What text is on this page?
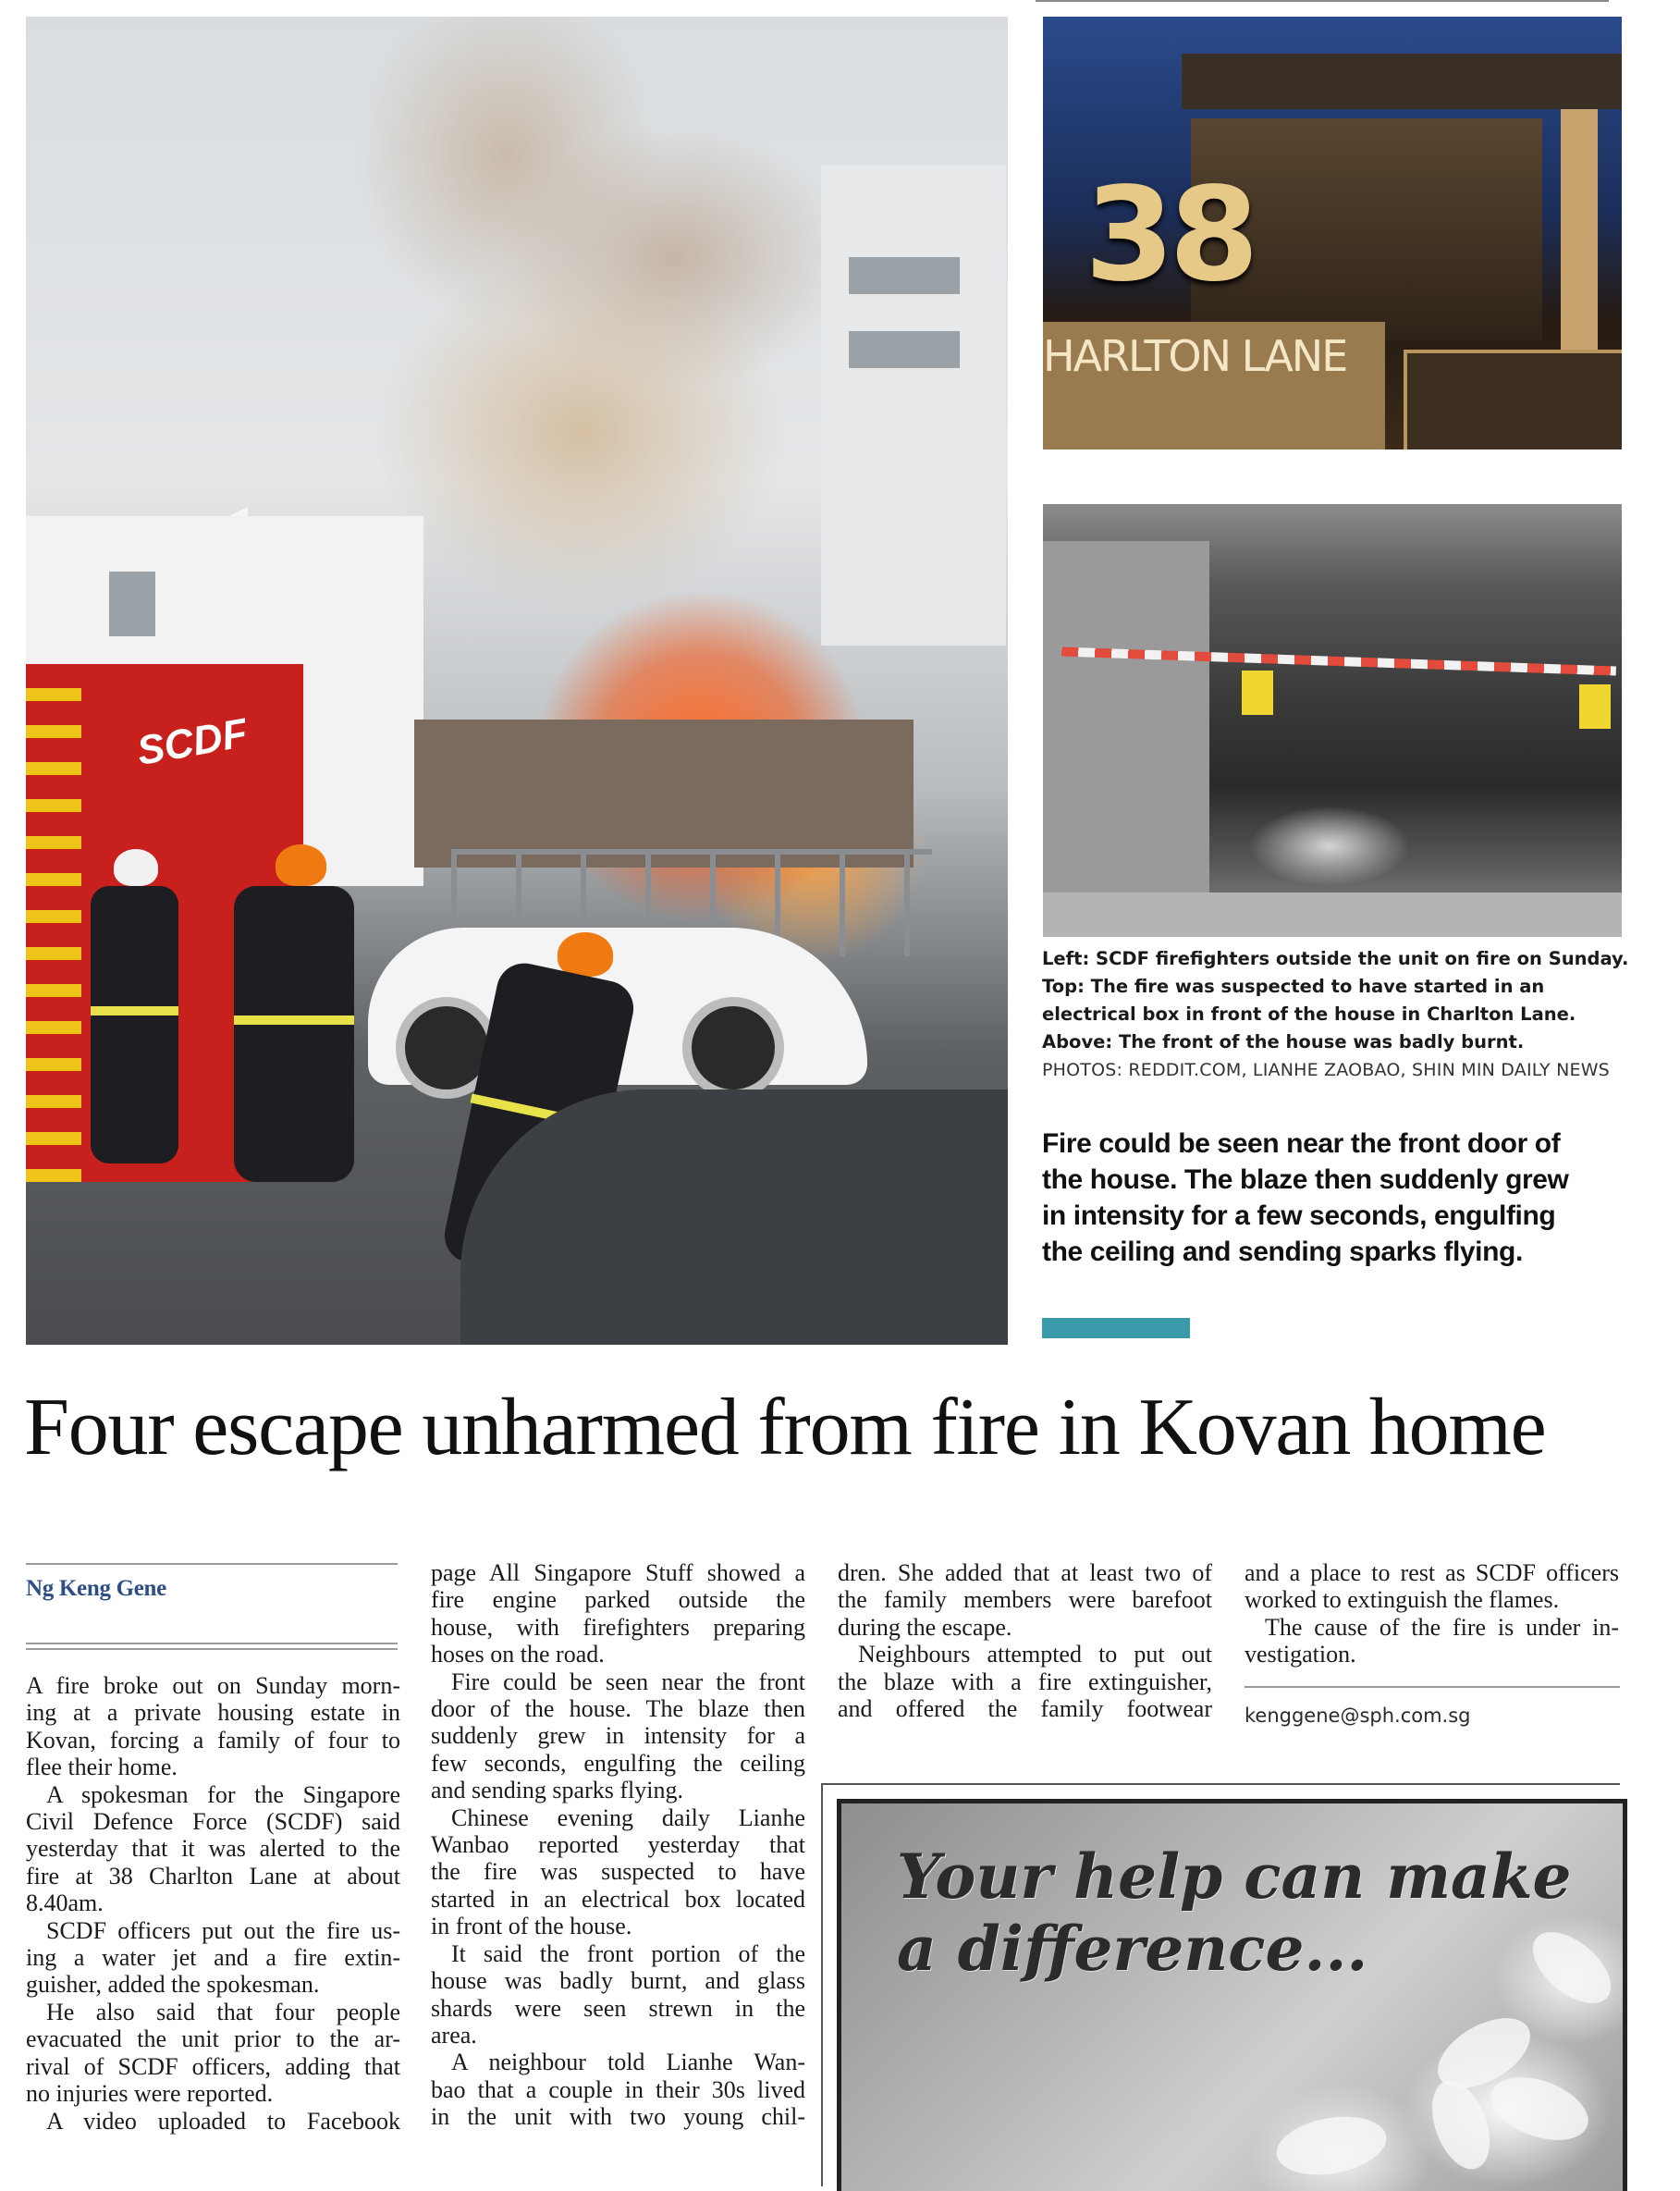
SCDF
38
HARLTON LANE
Left: SCDF firefighters outside the unit on fire on Sunday.
Top: The fire was suspected to have started in an
electrical box in front of the house in Charlton Lane.
Above: The front of the house was badly burnt.
PHOTOS: REDDIT.COM, LIANHE ZAOBAO, SHIN MIN DAILY NEWS
Fire could be seen near the front door of
the house. The blaze then suddenly grew
in intensity for a few seconds, engulfing
the ceiling and sending sparks flying.
Four escape unharmed from fire in Kovan home
Ng Keng Gene
A fire broke out on Sunday morn-
ing at a private housing estate in
Kovan, forcing a family of four to
flee their home.
A spokesman for the Singapore
Civil Defence Force (SCDF) said
yesterday that it was alerted to the
fire at 38 Charlton Lane at about
8.40am.
SCDF officers put out the fire us-
ing a water jet and a fire extin-
guisher, added the spokesman.
He also said that four people
evacuated the unit prior to the ar-
rival of SCDF officers, adding that
no injuries were reported.
A video uploaded to Facebook
page All Singapore Stuff showed a
fire engine parked outside the
house, with firefighters preparing
hoses on the road.
Fire could be seen near the front
door of the house. The blaze then
suddenly grew in intensity for a
few seconds, engulfing the ceiling
and sending sparks flying.
Chinese evening daily Lianhe
Wanbao reported yesterday that
the fire was suspected to have
started in an electrical box located
in front of the house.
It said the front portion of the
house was badly burnt, and glass
shards were seen strewn in the
area.
A neighbour told Lianhe Wan-
bao that a couple in their 30s lived
in the unit with two young chil-
dren. She added that at least two of
the family members were barefoot
during the escape.
Neighbours attempted to put out
the blaze with a fire extinguisher,
and offered the family footwear
and a place to rest as SCDF officers
worked to extinguish the flames.
The cause of the fire is under in-
vestigation.
kenggene@sph.com.sg
Your help can make
a difference...
